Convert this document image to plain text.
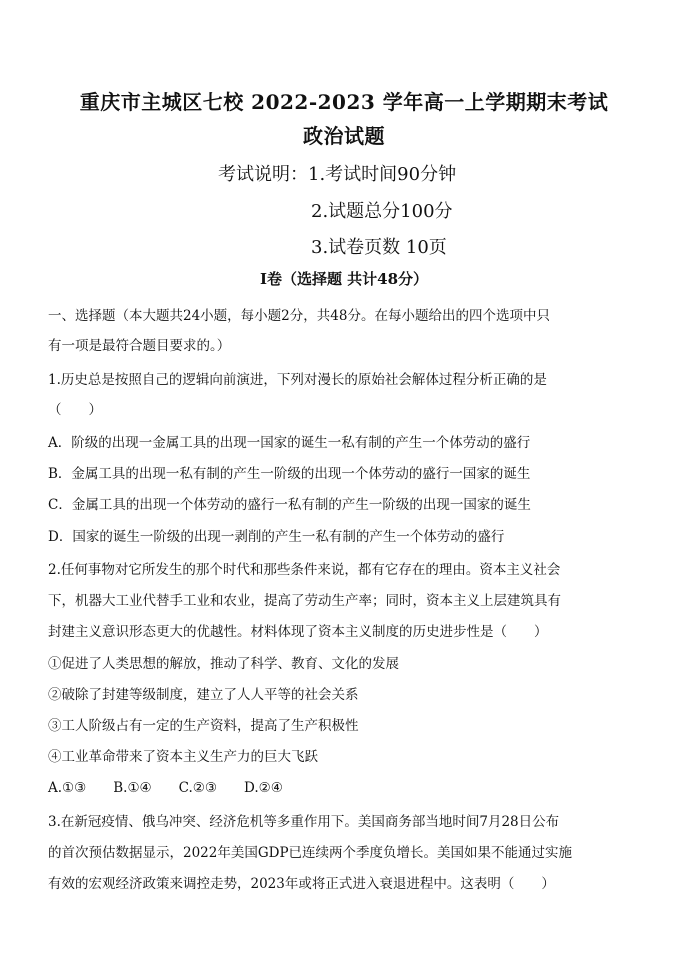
重庆市主城区七校 2022-2023 学年高一上学期期末考试
政治试题
考试说明：1.考试时间90分钟
2.试题总分100分
3.试卷页数 10页
I卷（选择题 共计48分）
一、选择题（本大题共24小题，每小题2分，共48分。在每小题给出的四个选项中只
有一项是最符合题目要求的。）
1.历史总是按照自己的逻辑向前演进，下列对漫长的原始社会解体过程分析正确的是
（　　）
A．阶级的出现一金属工具的出现一国家的诞生一私有制的产生一个体劳动的盛行
B．金属工具的出现一私有制的产生一阶级的出现一个体劳动的盛行一国家的诞生
C．金属工具的出现一个体劳动的盛行一私有制的产生一阶级的出现一国家的诞生
D．国家的诞生一阶级的出现一剥削的产生一私有制的产生一个体劳动的盛行
2.任何事物对它所发生的那个时代和那些条件来说，都有它存在的理由。资本主义社会
下，机器大工业代替手工业和农业，提高了劳动生产率；同时，资本主义上层建筑具有
封建主义意识形态更大的优越性。材料体现了资本主义制度的历史进步性是（　　）
①促进了人类思想的解放，推动了科学、教育、文化的发展
②破除了封建等级制度，建立了人人平等的社会关系
③工人阶级占有一定的生产资料，提高了生产积极性
④工业革命带来了资本主义生产力的巨大飞跃
A.①③　　B.①④　　C.②③　　D.②④
3.在新冠疫情、俄乌冲突、经济危机等多重作用下。美国商务部当地时间7月28日公布
的首次预估数据显示，2022年美国GDP已连续两个季度负增长。美国如果不能通过实施
有效的宏观经济政策来调控走势，2023年或将正式进入衰退进程中。这表明（　　）
